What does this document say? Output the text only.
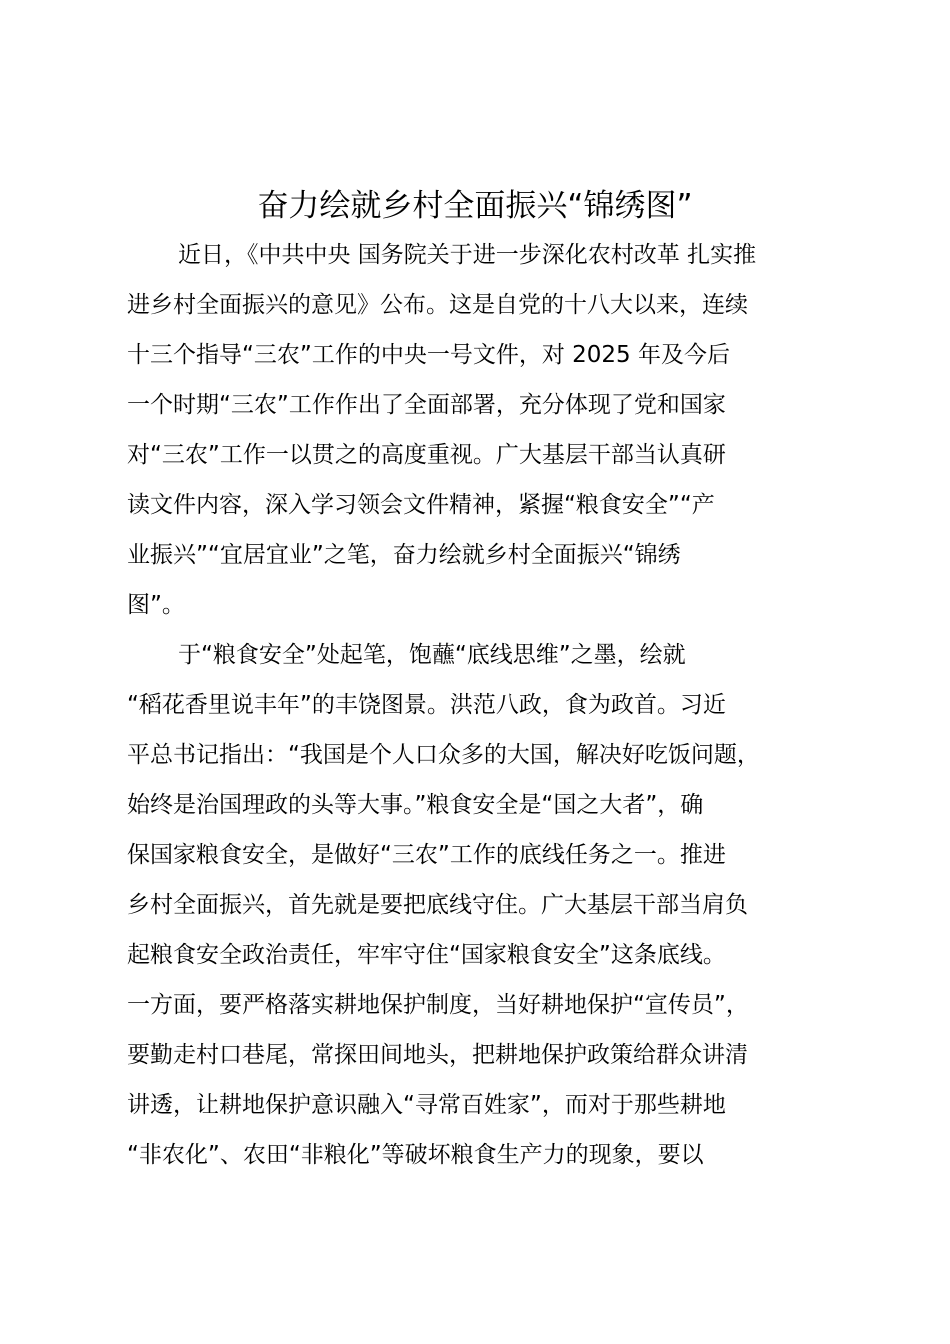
奋力绘就乡村全面振兴“锦绣图”
近日，《中共中央 国务院关于进一步深化农村改革 扎实推
进乡村全面振兴的意见》公布。这是自党的十八大以来，连续
十三个指导“三农”工作的中央一号文件，对 2025 年及今后
一个时期“三农”工作作出了全面部署，充分体现了党和国家
对“三农”工作一以贯之的高度重视。广大基层干部当认真研
读文件内容，深入学习领会文件精神，紧握“粮食安全”“产
业振兴”“宜居宜业”之笔，奋力绘就乡村全面振兴“锦绣
图”。
于“粮食安全”处起笔，饱蘸“底线思维”之墨，绘就
“稻花香里说丰年”的丰饶图景。洪范八政，食为政首。习近
平总书记指出：“我国是个人口众多的大国，解决好吃饭问题，
始终是治国理政的头等大事。”粮食安全是“国之大者”，确
保国家粮食安全，是做好“三农”工作的底线任务之一。推进
乡村全面振兴，首先就是要把底线守住。广大基层干部当肩负
起粮食安全政治责任，牢牢守住“国家粮食安全”这条底线。
一方面，要严格落实耕地保护制度，当好耕地保护“宣传员”，
要勤走村口巷尾，常探田间地头，把耕地保护政策给群众讲清
讲透，让耕地保护意识融入“寻常百姓家”，而对于那些耕地
“非农化”、农田“非粮化”等破坏粮食生产力的现象，要以
